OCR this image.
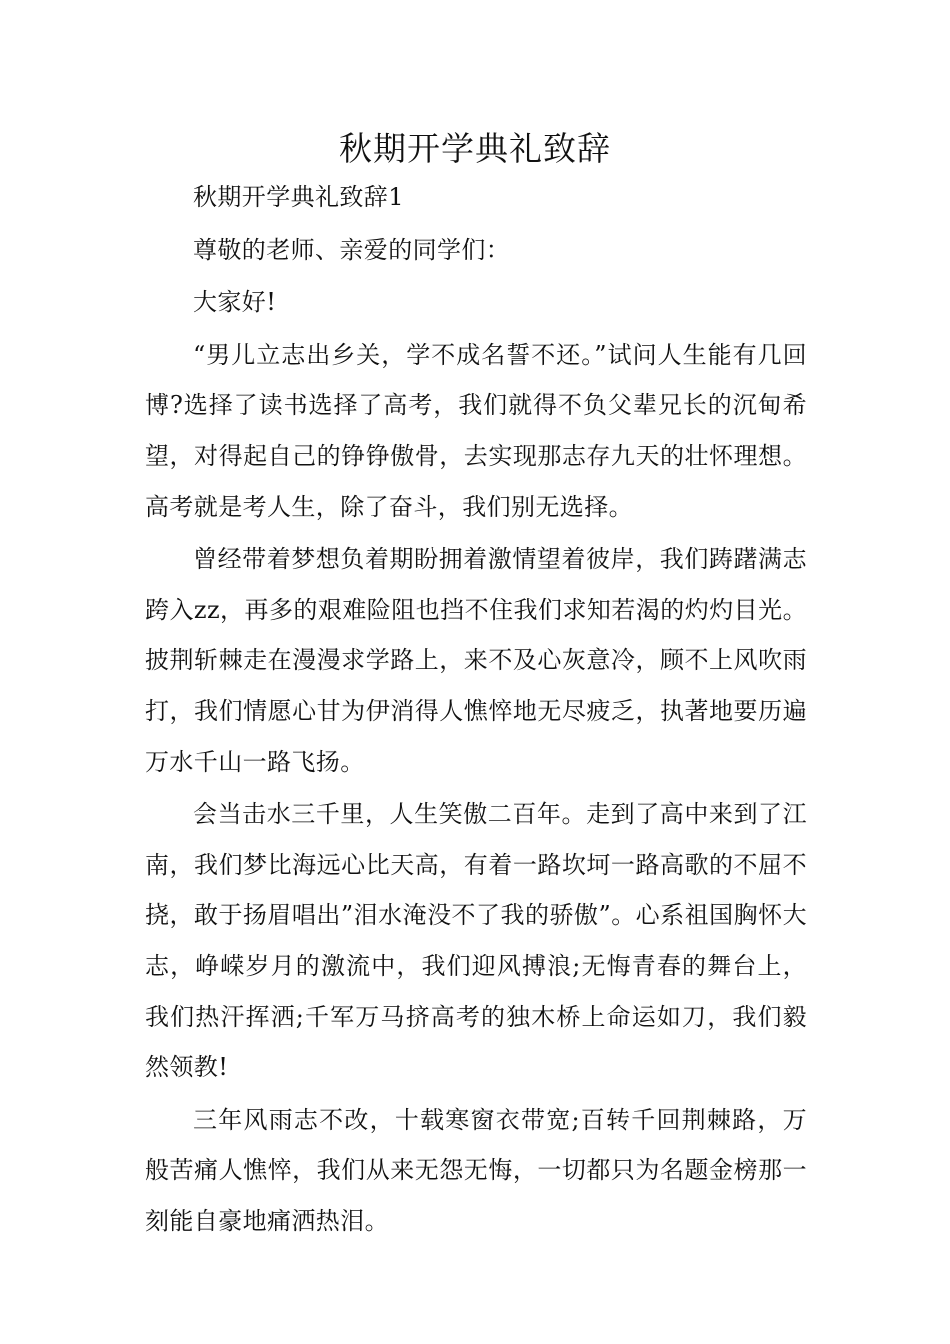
秋期开学典礼致辞

秋期开学典礼致辞1

尊敬的老师、亲爱的同学们：

大家好!

“男儿立志出乡关，学不成名誓不还。”试问人生能有几回博?选择了读书选择了高考，我们就得不负父辈兄长的沉甸希望，对得起自己的铮铮傲骨，去实现那志存九天的壮怀理想。高考就是考人生，除了奋斗，我们别无选择。

曾经带着梦想负着期盼拥着激情望着彼岸，我们踌躇满志跨入zz，再多的艰难险阻也挡不住我们求知若渴的灼灼目光。披荆斩棘走在漫漫求学路上，来不及心灰意冷，顾不上风吹雨打，我们情愿心甘为伊消得人憔悴地无尽疲乏，执著地要历遍万水千山一路飞扬。

会当击水三千里，人生笑傲二百年。走到了高中来到了江南，我们梦比海远心比天高，有着一路坎坷一路高歌的不屈不挠，敢于扬眉唱出”泪水淹没不了我的骄傲”。心系祖国胸怀大志，峥嵘岁月的激流中，我们迎风搏浪;无悔青春的舞台上，我们热汗挥洒;千军万马挤高考的独木桥上命运如刀，我们毅然领教!

三年风雨志不改，十载寒窗衣带宽;百转千回荆棘路，万般苦痛人憔悴，我们从来无怨无悔，一切都只为名题金榜那一刻能自豪地痛洒热泪。
